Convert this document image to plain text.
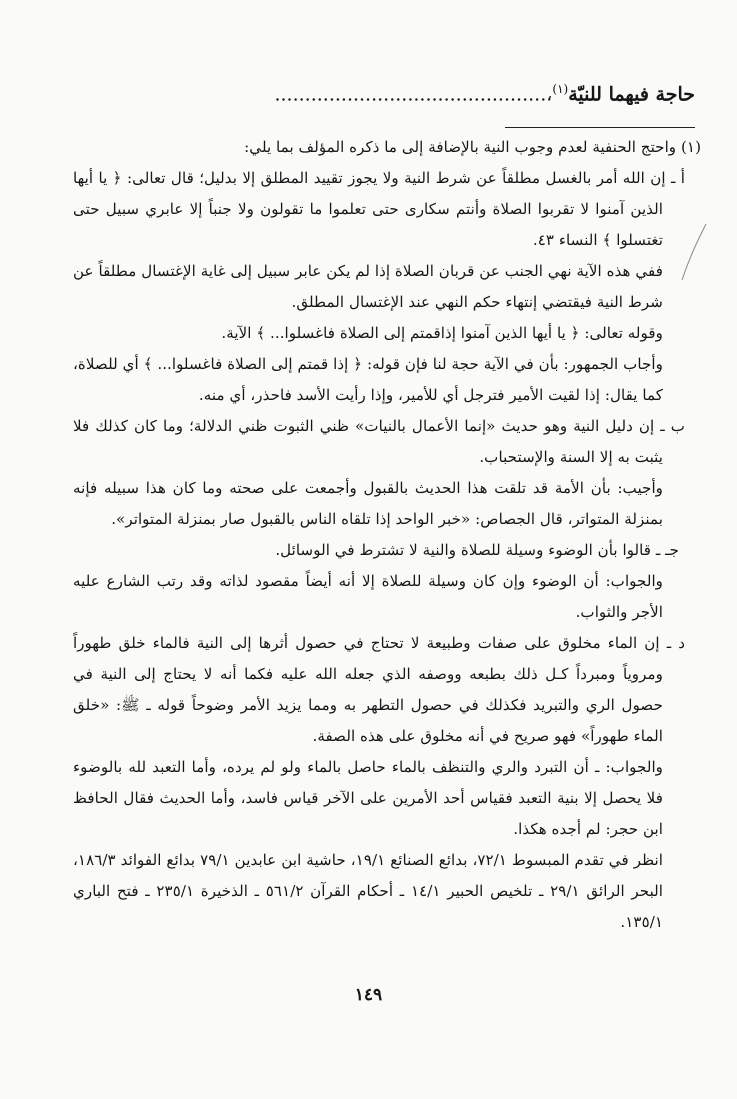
حاجة فيهما للنيّة$^{(١)}$،.............................................

(١) واحتج الحنفية لعدم وجوب النية بالإضافة إلى ما ذكره المؤلف بما يلي:

أ ـ إن الله أمر بالغسل مطلقاً عن شرط النية ولا يجوز تقييد المطلق إلا بدليل؛ قال تعالى: ﴿ يا أيها الذين آمنوا لا تقربوا الصلاة وأنتم سكارى حتى تعلموا ما تقولون ولا جنباً إلا عابري سبيل حتى تغتسلوا ﴾ النساء ٤٣.

ففي هذه الآية نهي الجنب عن قربان الصلاة إذا لم يكن عابر سبيل إلى غاية الإغتسال مطلقاً عن شرط النية فيقتضي إنتهاء حكم النهي عند الإغتسال المطلق.

وقوله تعالى: ﴿ يا أيها الذين آمنوا إذاقمتم إلى الصلاة فاغسلوا... ﴾ الآية.

وأجاب الجمهور: بأن في الآية حجة لنا فإن قوله: ﴿ إذا قمتم إلى الصلاة فاغسلوا... ﴾ أي للصلاة، كما يقال: إذا لقيت الأمير فترجل أي للأمير، وإذا رأيت الأسد فاحذر، أي منه.

ب ـ إن دليل النية وهو حديث «إنما الأعمال بالنيات» ظني الثبوت ظني الدلالة؛ وما كان كذلك فلا يثبت به إلا السنة والإستحباب.

وأجيب: بأن الأمة قد تلقت هذا الحديث بالقبول وأجمعت على صحته وما كان هذا سبيله فإنه بمنزلة المتواتر، قال الجصاص: «خبر الواحد إذا تلقاه الناس بالقبول صار بمنزلة المتواتر».

جـ ـ قالوا بأن الوضوء وسيلة للصلاة والنية لا تشترط في الوسائل.

والجواب: أن الوضوء وإن كان وسيلة للصلاة إلا أنه أيضاً مقصود لذاته وقد رتب الشارع عليه الأجر والثواب.

د ـ إن الماء مخلوق على صفات وطبيعة لا تحتاج في حصول أثرها إلى النية فالماء خلق طهوراً ومروياً ومبرداً كـل ذلك بطبعه ووصفه الذي جعله الله عليه فكما أنه لا يحتاج إلى النية في حصول الري والتبريد فكذلك في حصول التطهر به ومما يزيد الأمر وضوحاً قوله ـ ﷺ: «خلق الماء طهوراً» فهو صريح في أنه مخلوق على هذه الصفة.

والجواب: ـ أن التبرد والري والتنظف بالماء حاصل بالماء ولو لم يرده، وأما التعبد لله بالوضوء فلا يحصل إلا بنية التعبد فقياس أحد الأمرين على الآخر قياس فاسد، وأما الحديث فقال الحافظ ابن حجر: لم أجده هكذا.

انظر في تقدم المبسوط ٧٢/١، بدائع الصنائع ١٩/١، حاشية ابن عابدين ٧٩/١ بدائع الفوائد ١٨٦/٣، البحر الرائق ٢٩/١ ـ تلخيص الحبير ١٤/١ ـ أحكام القرآن ٥٦١/٢ ـ الذخيرة ٢٣٥/١ ـ فتح الباري ١٣٥/١.

١٤٩
